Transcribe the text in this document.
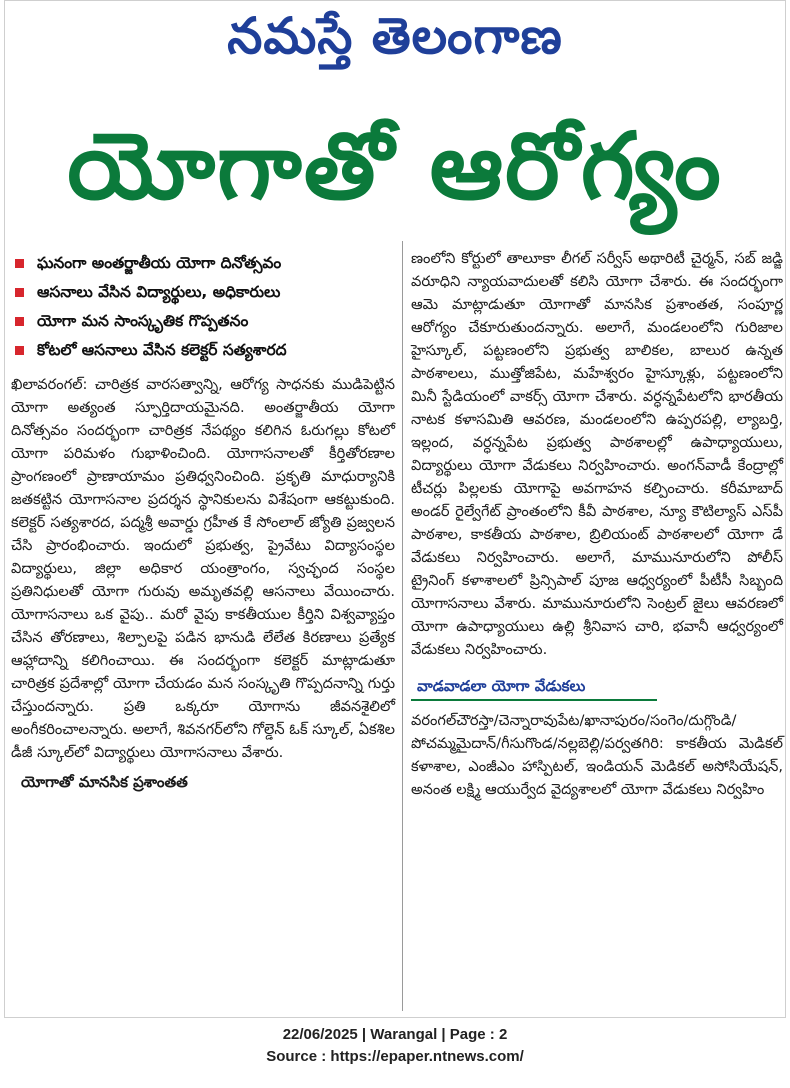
నమస్తే తెలంగాణ
యోగాతో ఆరోగ్యం
ఘనంగా అంతర్జాతీయ యోగా దినోత్సవం
ఆసనాలు వేసిన విద్యార్థులు, అధికారులు
యోగా మన సాంస్కృతిక గొప్పతనం
కోటలో ఆసనాలు వేసిన కలెక్టర్ సత్యశారద

ఖిలావరంగల్: చారిత్రక వారసత్వాన్ని, ఆరోగ్య సాధనకు ముడిపెట్టిన యోగా అత్యంత స్ఫూర్తిదాయమైనది. అంతర్జాతీయ యోగా దినోత్సవం సందర్భంగా చారిత్రక నేపథ్యం కలిగిన ఓరుగల్లు కోటలో యోగా పరిమళం గుభాళించింది. యోగాసనాలతో కీర్తితోరణాల ప్రాంగణంలో ప్రాణాయామం ప్రతిధ్వనించింది. ప్రకృతి మాధుర్యానికి జతకట్టిన యోగాసనాల ప్రదర్శన స్థానికులను విశేషంగా ఆకట్టుకుంది. కలెక్టర్ సత్యశారద, పద్మశ్రీ అవార్డు గ్రహీత కే సోంలాల్ జ్యోతి ప్రజ్వలన చేసి ప్రారంభించారు. ఇందులో ప్రభుత్వ, ప్రైవేటు విద్యాసంస్థల విద్యార్థులు, జిల్లా అధికార యంత్రాంగం, స్వచ్ఛంద సంస్థల ప్రతినిధులతో యోగా గురువు అమృతవల్లి ఆసనాలు వేయించారు. యోగాసనాలు ఒక వైపు.. మరో వైపు కాకతీయుల కీర్తిని విశ్వవ్యాప్తం చేసిన తోరణాలు, శిల్పాలపై పడిన భానుడి లేలేత కిరణాలు ప్రత్యేక ఆహ్లాదాన్ని కలిగించాయి. ఈ సందర్భంగా కలెక్టర్ మాట్లాడుతూ చారిత్రక ప్రదేశాల్లో యోగా చేయడం మన సంస్కృతి గొప్పదనాన్ని గుర్తు చేస్తుందన్నారు. ప్రతి ఒక్కరూ యోగాను జీవనశైలిలో అంగీకరించాలన్నారు. అలాగే, శివనగర్‌లోని గోల్డెన్ ఓక్ స్కూల్, ఏకశిల డీజీ స్కూల్‌లో విద్యార్థులు యోగాసనాలు వేశారు.

యోగాతో మానసిక ప్రశాంతత

ణంలోని కోర్టులో తాలూకా లీగల్ సర్వీస్ అథారిటీ చైర్మన్, సబ్ జడ్జి వరూధిని న్యాయవాదులతో కలిసి యోగా చేశారు. ఈ సందర్భంగా ఆమె మాట్లాడుతూ యోగాతో మానసిక ప్రశాంతత, సంపూర్ణ ఆరోగ్యం చేకూరుతుందన్నారు. అలాగే, మండలంలోని గురిజాల హైస్కూల్, పట్టణంలోని ప్రభుత్వ బాలికల, బాలుర ఉన్నత పాఠశాలలు, ముత్తోజిపేట, మహేశ్వరం హైస్కూళ్లు, పట్టణంలోని మినీ స్టేడియంలో వాకర్స్ యోగా చేశారు. వర్ధన్నపేటలోని భారతీయ నాటక కళాసమితి ఆవరణ, మండలంలోని ఉప్పరపల్లి, ల్యాబర్తి, ఇల్లంద, వర్ధన్నపేట ప్రభుత్వ పాఠశాలల్లో ఉపాధ్యాయులు, విద్యార్థులు యోగా వేడుకలు నిర్వహించారు. అంగన్‌వాడీ కేంద్రాల్లో టీచర్లు పిల్లలకు యోగాపై అవగాహన కల్పించారు. కరీమాబాద్ అండర్ రైల్వేగేట్ ప్రాంతంలోని కీవీ పాఠశాల, న్యూ కౌటిల్యాస్ ఎస్‌పీ పాఠశాల, కాకతీయ పాఠశాల, బ్రిలియంట్ పాఠశాలలో యోగా డే వేడుకలు నిర్వహించారు. అలాగే, మామునూరులోని పోలీస్ ట్రైనింగ్ కళాశాలలో ప్రిన్సిపాల్ పూజ ఆధ్వర్యంలో పీటీసీ సిబ్బంది యోగాసనాలు వేశారు. మామునూరులోని సెంట్రల్ జైలు ఆవరణలో యోగా ఉపాధ్యాయులు ఉల్లి శ్రీనివాస చారి, భవానీ ఆధ్వర్యంలో వేడుకలు నిర్వహించారు.

వాడవాడలా యోగా వేడుకలు

వరంగల్‌చౌరస్తా/చెన్నారావుపేట/ఖానాపురం/సంగెం/దుగ్గొండి/పోచమ్మమైదాన్/గీసుగొండ/నల్లబెల్లి/పర్వతగిరి: కాకతీయ మెడికల్ కళాశాల, ఎంజీఎం హాస్పిటల్, ఇండియన్ మెడికల్ అసోసియేషన్, అనంత లక్ష్మి ఆయుర్వేద వైద్యశాలలో యోగా వేడుకలు నిర్వహిం

22/06/2025 | Warangal | Page : 2
Source : https://epaper.ntnews.com/
